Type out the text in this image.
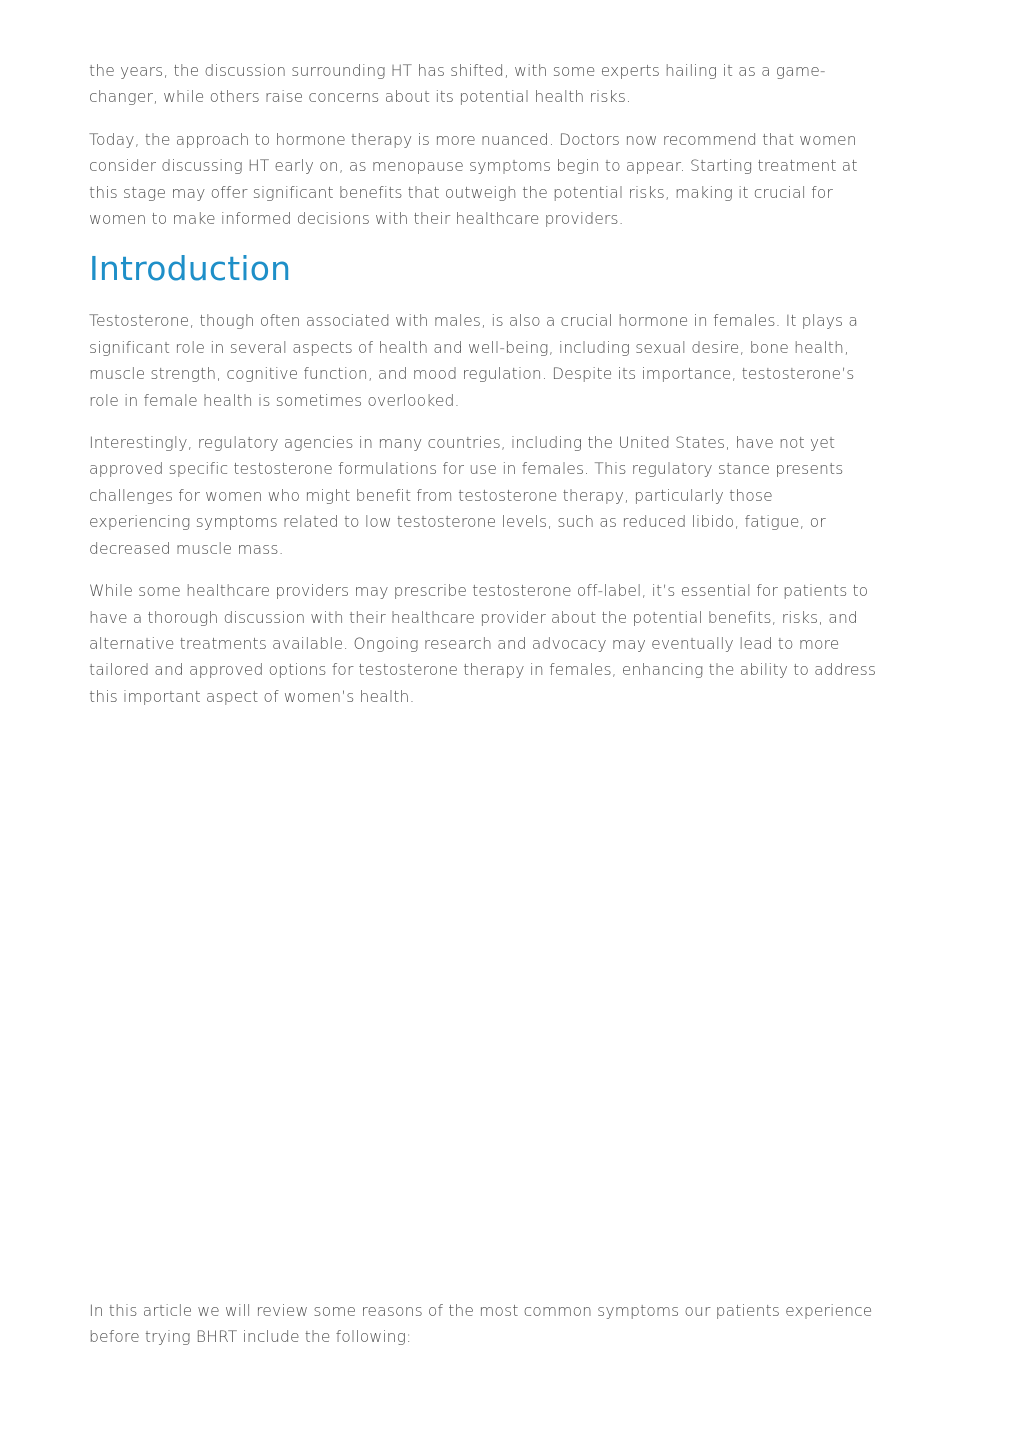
the years, the discussion surrounding HT has shifted, with some experts hailing it as a game-changer, while others raise concerns about its potential health risks.

Today, the approach to hormone therapy is more nuanced. Doctors now recommend that women consider discussing HT early on, as menopause symptoms begin to appear. Starting treatment at this stage may offer significant benefits that outweigh the potential risks, making it crucial for women to make informed decisions with their healthcare providers.

Introduction

Testosterone, though often associated with males, is also a crucial hormone in females. It plays a significant role in several aspects of health and well-being, including sexual desire, bone health, muscle strength, cognitive function, and mood regulation. Despite its importance, testosterone’s role in female health is sometimes overlooked.

Interestingly, regulatory agencies in many countries, including the United States, have not yet approved specific testosterone formulations for use in females. This regulatory stance presents challenges for women who might benefit from testosterone therapy, particularly those experiencing symptoms related to low testosterone levels, such as reduced libido, fatigue, or decreased muscle mass.

While some healthcare providers may prescribe testosterone off-label, it’s essential for patients to have a thorough discussion with their healthcare provider about the potential benefits, risks, and alternative treatments available. Ongoing research and advocacy may eventually lead to more tailored and approved options for testosterone therapy in females, enhancing the ability to address this important aspect of women’s health.

In this article we will review some reasons of the most common symptoms our patients experience before trying BHRT include the following:
